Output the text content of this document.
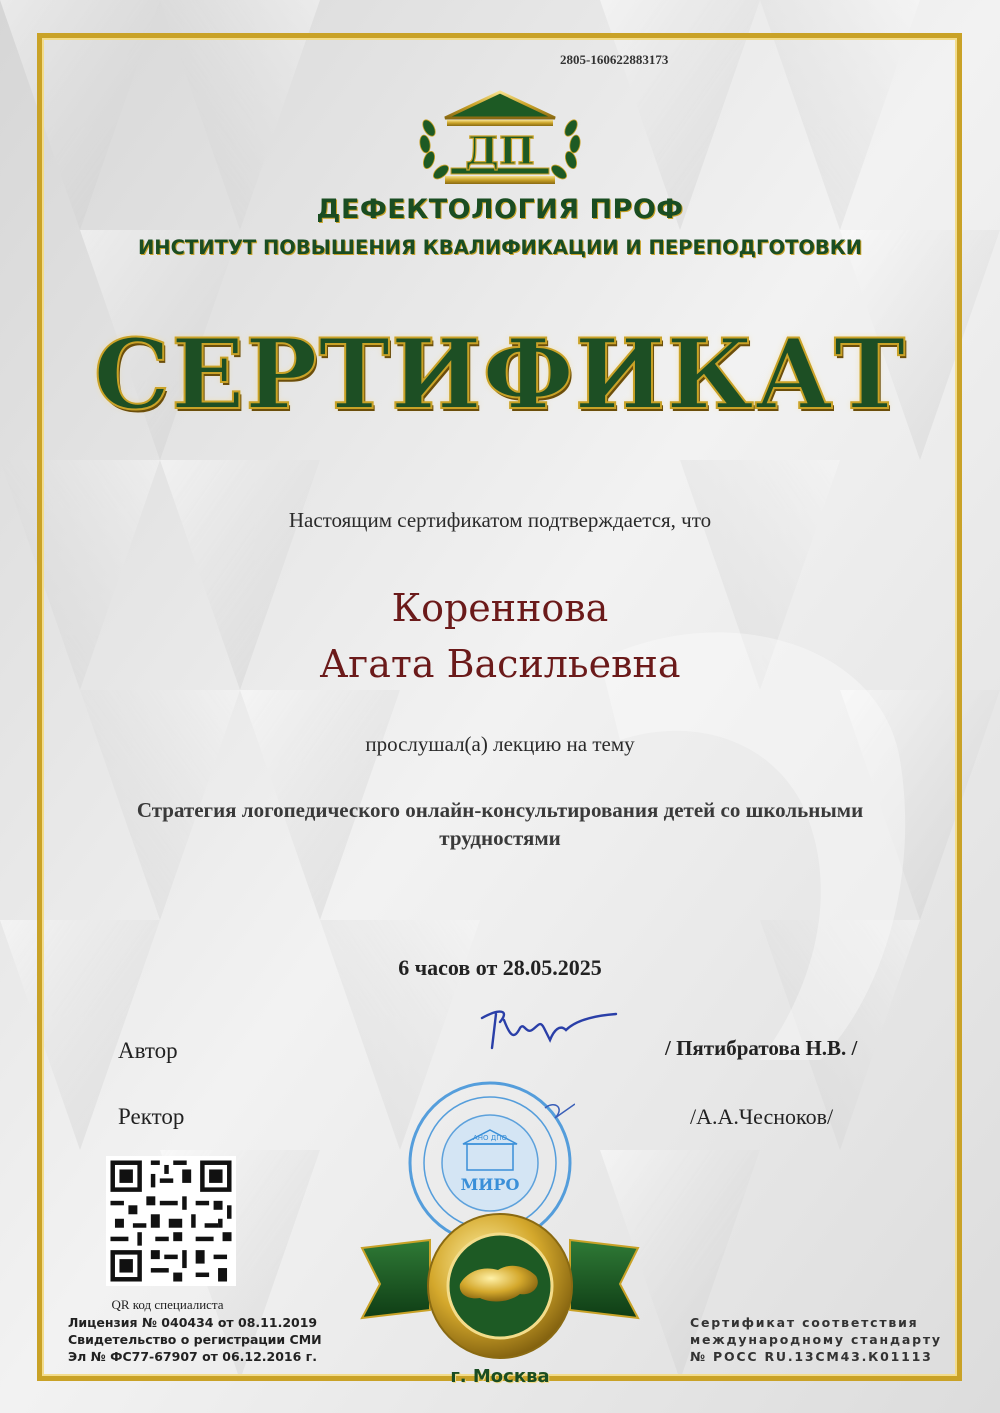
2805-160622883173
ДП
ДЕФЕКТОЛОГИЯ ПРОФ
ИНСТИТУТ ПОВЫШЕНИЯ КВАЛИФИКАЦИИ И ПЕРЕПОДГОТОВКИ
СЕРТИФИКАТ
Настоящим сертификатом подтверждается, что
Кореннова
Агата Васильевна
прослушал(а) лекцию на тему
Стратегия логопедического онлайн-консультирования детей со школьными трудностями
6 часов от 28.05.2025
Автор
Ректор
/ Пятибратова Н.В. /
/А.А.Чесноков/
АНО ДПО
МИРО
QR код специалиста
Лицензия № 040434 от 08.11.2019
Свидетельство о регистрации СМИ
Эл № ФС77-67907 от 06.12.2016 г.
Сертификат соответствия
международному стандарту
№ РОСС RU.13СМ43.К01113
г. Москва
